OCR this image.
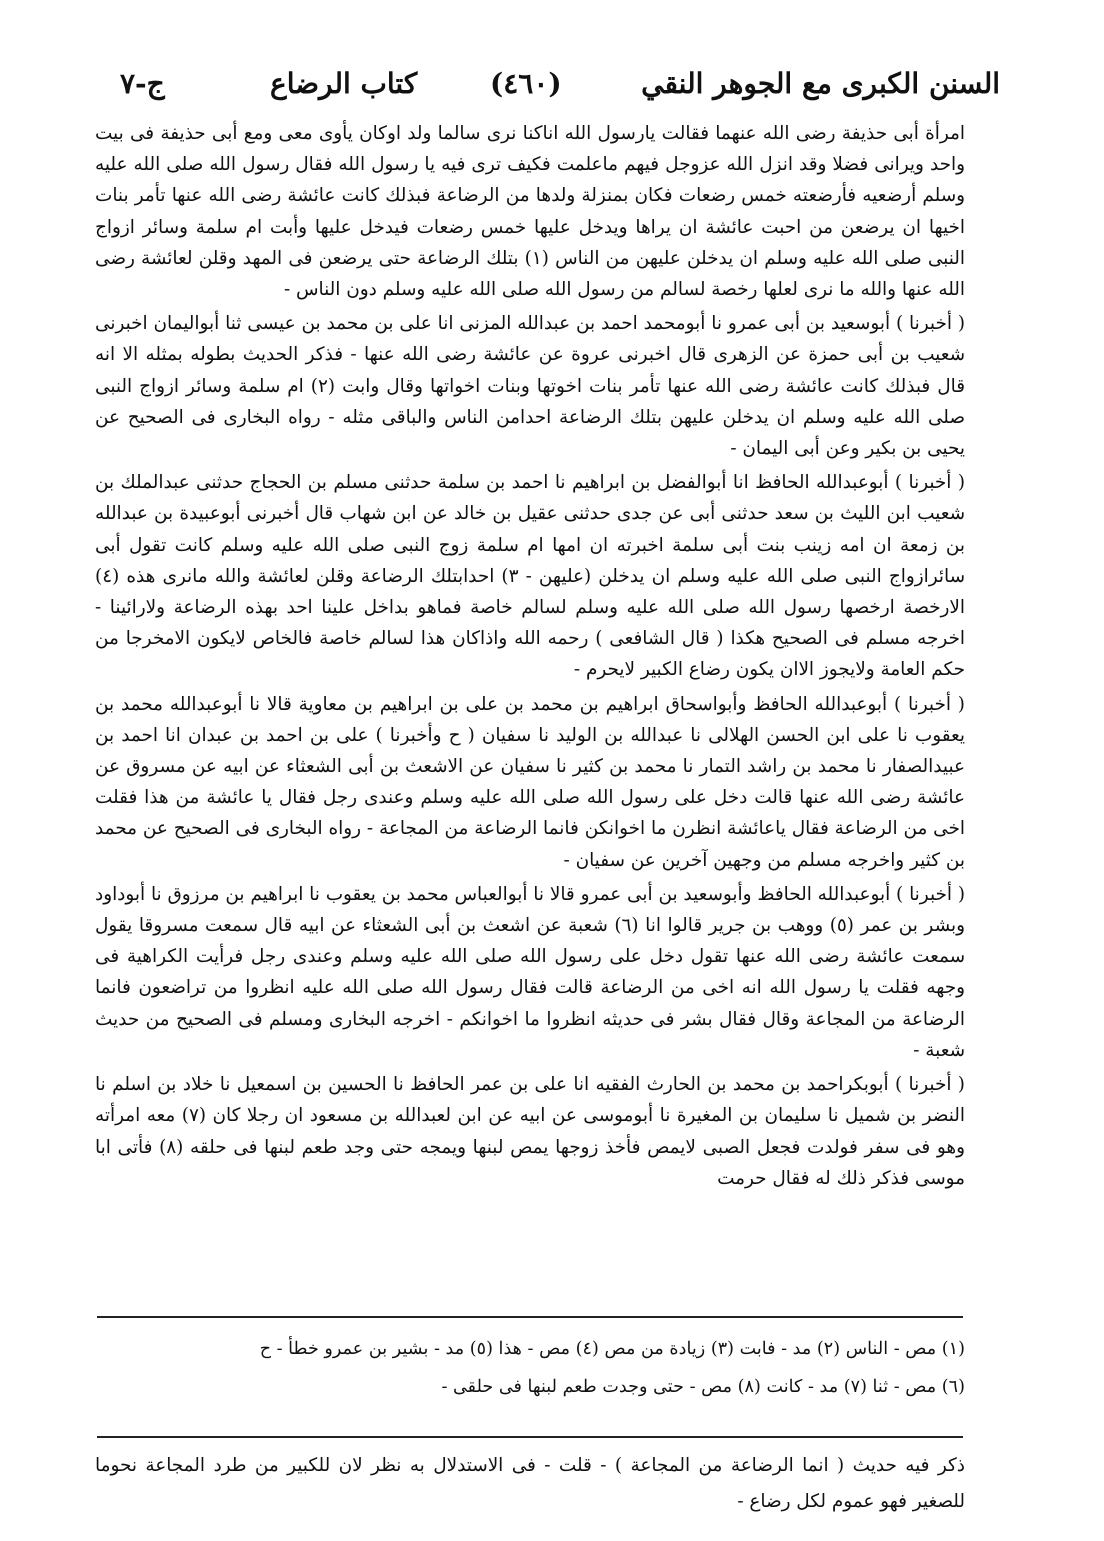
السنن الكبرى مع الجوهر النقي
(٤٦٠)
كتاب الرضاع
ج-٧

امرأة أبى حذيفة رضى الله عنهما فقالت يارسول الله اناكنا نرى سالما ولد اوكان يأوى معى ومع أبى حذيفة فى بيت واحد ويرانى فضلا وقد انزل الله عزوجل فيهم ماعلمت فكيف ترى فيه يا رسول الله فقال رسول الله صلى الله عليه وسلم أرضعيه فأرضعته خمس رضعات فكان بمنزلة ولدها من الرضاعة فبذلك كانت عائشة رضى الله عنها تأمر بنات اخيها ان يرضعن من احبت عائشة ان يراها ويدخل عليها خمس رضعات فيدخل عليها وأبت ام سلمة وسائر ازواج النبى صلى الله عليه وسلم ان يدخلن عليهن من الناس (١) بتلك الرضاعة حتى يرضعن فى المهد وقلن لعائشة رضى الله عنها والله ما نرى لعلها رخصة لسالم من رسول الله صلى الله عليه وسلم دون الناس -

( أخبرنا ) أبوسعيد بن أبى عمرو نا أبومحمد احمد بن عبدالله المزنى انا على بن محمد بن عيسى ثنا أبواليمان اخبرنى شعيب بن أبى حمزة عن الزهرى قال اخبرنى عروة عن عائشة رضى الله عنها - فذكر الحديث بطوله بمثله الا انه قال فبذلك كانت عائشة رضى الله عنها تأمر بنات اخوتها وبنات اخواتها وقال وابت (٢) ام سلمة وسائر ازواج النبى صلى الله عليه وسلم ان يدخلن عليهن بتلك الرضاعة احدامن الناس والباقى مثله - رواه البخارى فى الصحيح عن يحيى بن بكير وعن أبى اليمان -

( أخبرنا ) أبوعبدالله الحافظ انا أبوالفضل بن ابراهيم نا احمد بن سلمة حدثنى مسلم بن الحجاج حدثنى عبدالملك بن شعيب ابن الليث بن سعد حدثنى أبى عن جدى حدثنى عقيل بن خالد عن ابن شهاب قال أخبرنى أبوعبيدة بن عبدالله بن زمعة ان امه زينب بنت أبى سلمة اخبرته ان امها ام سلمة زوج النبى صلى الله عليه وسلم كانت تقول أبى سائرازواج النبى صلى الله عليه وسلم ان يدخلن (عليهن - ٣) احدابتلك الرضاعة وقلن لعائشة والله مانرى هذه (٤) الارخصة ارخصها رسول الله صلى الله عليه وسلم لسالم خاصة فماهو بداخل علينا احد بهذه الرضاعة ولارائينا - اخرجه مسلم فى الصحيح هكذا ( قال الشافعى ) رحمه الله واذاكان هذا لسالم خاصة فالخاص لايكون الامخرجا من حكم العامة ولايجوز الاان يكون رضاع الكبير لايحرم -

( أخبرنا ) أبوعبدالله الحافظ وأبواسحاق ابراهيم بن محمد بن على بن ابراهيم بن معاوية قالا نا أبوعبدالله محمد بن يعقوب نا على ابن الحسن الهلالى نا عبدالله بن الوليد نا سفيان ( ح وأخبرنا ) على بن احمد بن عبدان انا احمد بن عبيدالصفار نا محمد بن راشد التمار نا محمد بن كثير نا سفيان عن الاشعث بن أبى الشعثاء عن ابيه عن مسروق عن عائشة رضى الله عنها قالت دخل على رسول الله صلى الله عليه وسلم وعندى رجل فقال يا عائشة من هذا فقلت اخى من الرضاعة فقال ياعائشة انظرن ما اخوانكن فانما الرضاعة من المجاعة - رواه البخارى فى الصحيح عن محمد بن كثير واخرجه مسلم من وجهين آخرين عن سفيان -

( أخبرنا ) أبوعبدالله الحافظ وأبوسعيد بن أبى عمرو قالا نا أبوالعباس محمد بن يعقوب نا ابراهيم بن مرزوق نا أبوداود وبشر بن عمر (٥) ووهب بن جرير قالوا انا (٦) شعبة عن اشعث بن أبى الشعثاء عن ابيه قال سمعت مسروقا يقول سمعت عائشة رضى الله عنها تقول دخل على رسول الله صلى الله عليه وسلم وعندى رجل فرأيت الكراهية فى وجهه فقلت يا رسول الله انه اخى من الرضاعة قالت فقال رسول الله صلى الله عليه انظروا من تراضعون فانما الرضاعة من المجاعة وقال فقال بشر فى حديثه انظروا ما اخوانكم - اخرجه البخارى ومسلم فى الصحيح من حديث شعبة -

( أخبرنا ) أبوبكراحمد بن محمد بن الحارث الفقيه انا على بن عمر الحافظ نا الحسين بن اسمعيل نا خلاد بن اسلم نا النضر بن شميل نا سليمان بن المغيرة نا أبوموسى عن ابيه عن ابن لعبدالله بن مسعود ان رجلا كان (٧) معه امرأته وهو فى سفر فولدت فجعل الصبى لايمص فأخذ زوجها يمص لبنها ويمجه حتى وجد طعم لبنها فى حلقه (٨) فأتى ابا موسى فذكر ذلك له فقال حرمت

(١) مص - الناس (٢) مد - فابت (٣) زيادة من مص (٤) مص - هذا (٥) مد - بشير بن عمرو خطأ - ح
(٦) مص - ثنا (٧) مد - كانت (٨) مص - حتى وجدت طعم لبنها فى حلقى -
ذكر فيه حديث ( انما الرضاعة من المجاعة ) - قلت - فى الاستدلال به نظر لان للكبير من طرد المجاعة نحوما للصغير فهو عموم لكل رضاع -
